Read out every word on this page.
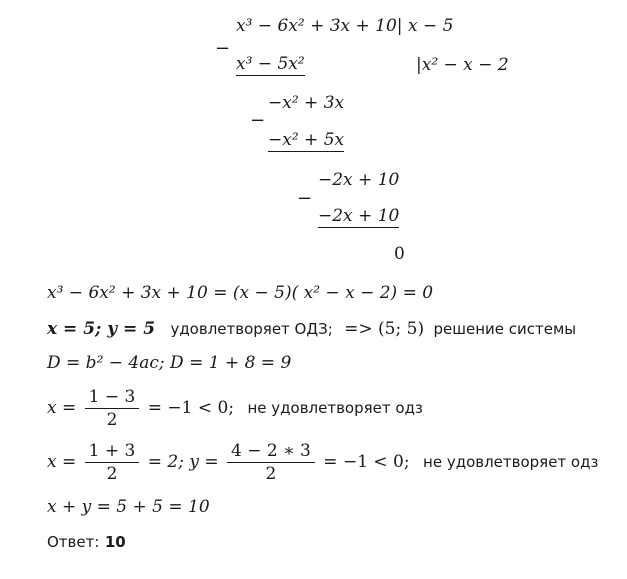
−
x³ − 6x² + 3x + 10| x − 5
x³ − 5x²	|x² − x − 2
−
−x² + 3x
−x² + 5x
−
−2x + 10
−2x + 10
0
x³ − 6x² + 3x + 10 = (x − 5)( x² − x − 2) = 0
x = 5; y = 5 удовлетворяет ОДЗ; => (5; 5) решение системы
D = b² − 4ac; D = 1 + 8 = 9
$x = \frac{1 - 3}{2} = -1 < 0$; не удовлетворяет одз
$x = \frac{1 + 3}{2} = 2$; $y = \frac{4 - 2 ∗ 3}{2} = -1 < 0$; не удовлетворяет одз
x + y = 5 + 5 = 10
Ответ: 10
